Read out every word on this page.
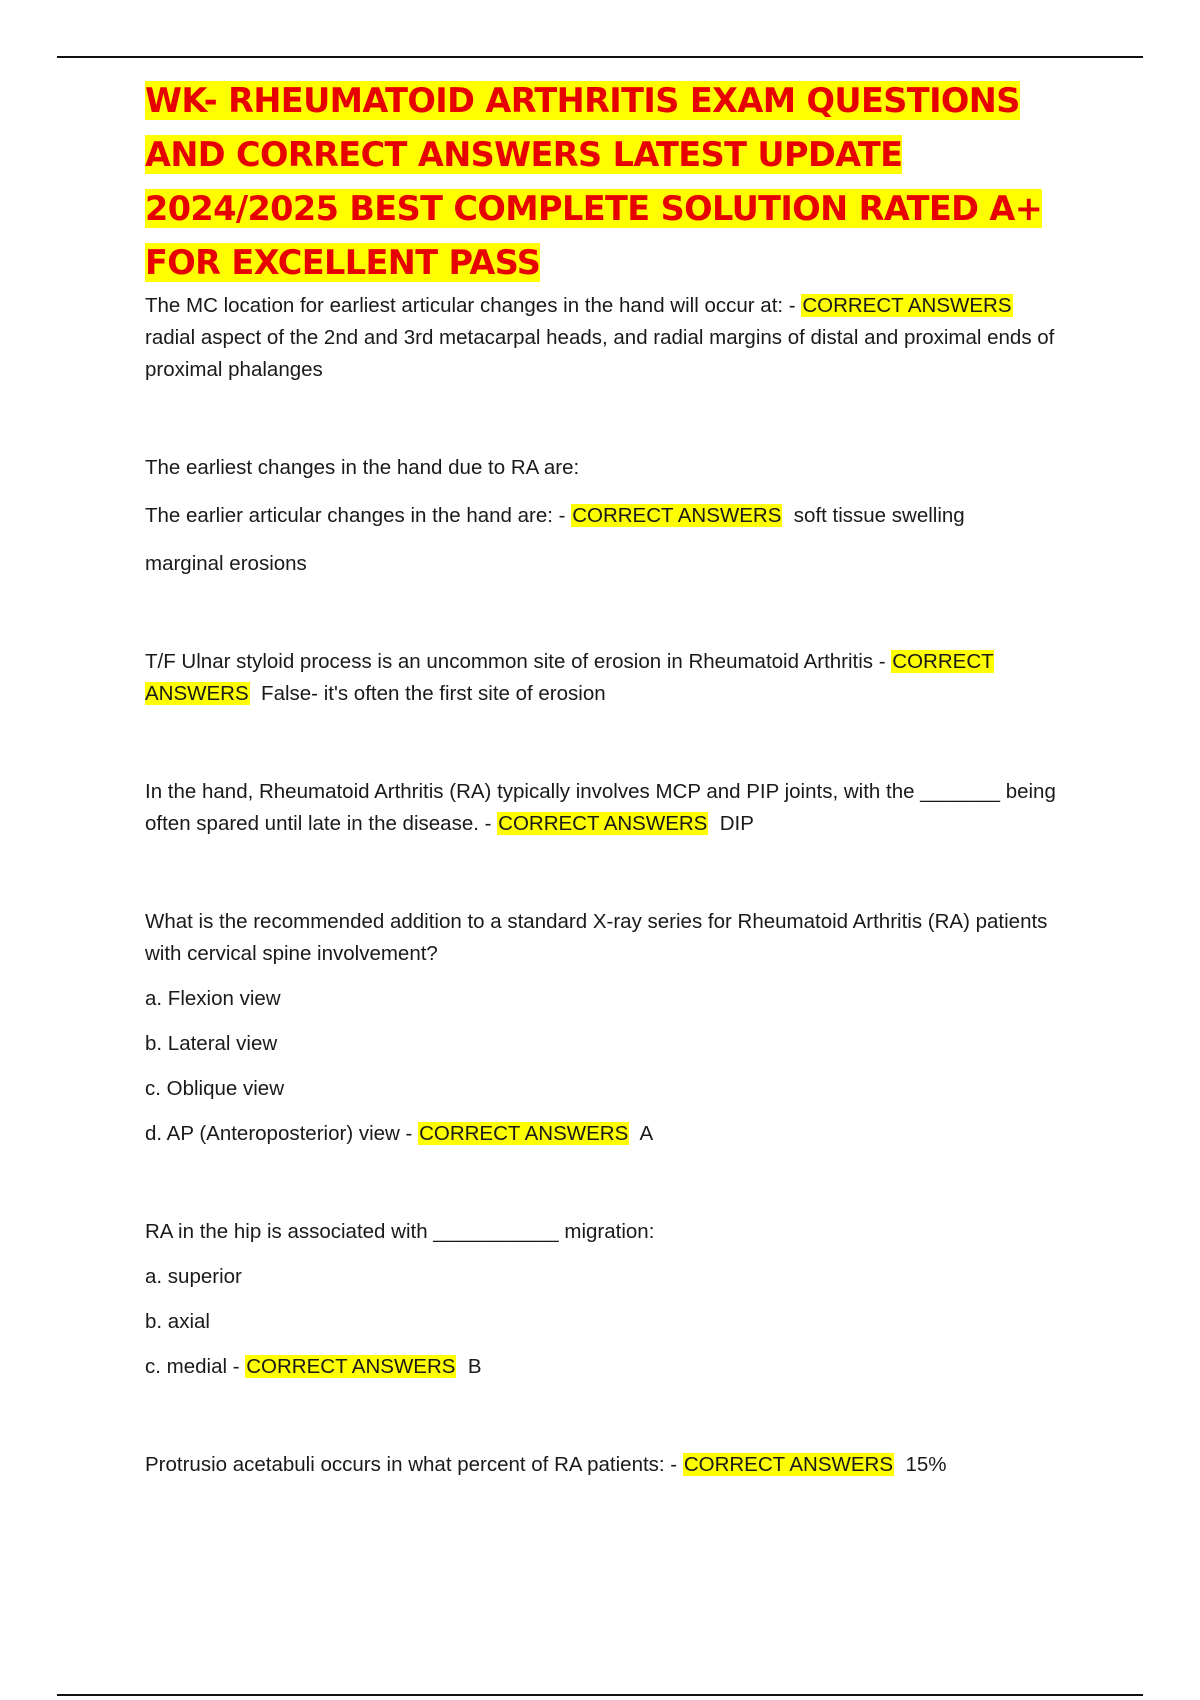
WK- RHEUMATOID ARTHRITIS EXAM QUESTIONS AND CORRECT ANSWERS LATEST UPDATE 2024/2025 BEST COMPLETE SOLUTION RATED A+ FOR EXCELLENT PASS

The MC location for earliest articular changes in the hand will occur at: - CORRECT ANSWERS radial aspect of the 2nd and 3rd metacarpal heads, and radial margins of distal and proximal ends of proximal phalanges

The earliest changes in the hand due to RA are:

The earlier articular changes in the hand are: - CORRECT ANSWERS  soft tissue swelling

marginal erosions

T/F Ulnar styloid process is an uncommon site of erosion in Rheumatoid Arthritis - CORRECT ANSWERS  False- it's often the first site of erosion

In the hand, Rheumatoid Arthritis (RA) typically involves MCP and PIP joints, with the _______ being often spared until late in the disease. - CORRECT ANSWERS  DIP

What is the recommended addition to a standard X-ray series for Rheumatoid Arthritis (RA) patients with cervical spine involvement?

a. Flexion view

b. Lateral view

c. Oblique view

d. AP (Anteroposterior) view - CORRECT ANSWERS  A

RA in the hip is associated with ___________ migration:

a. superior

b. axial

c. medial - CORRECT ANSWERS  B

Protrusio acetabuli occurs in what percent of RA patients: - CORRECT ANSWERS  15%
